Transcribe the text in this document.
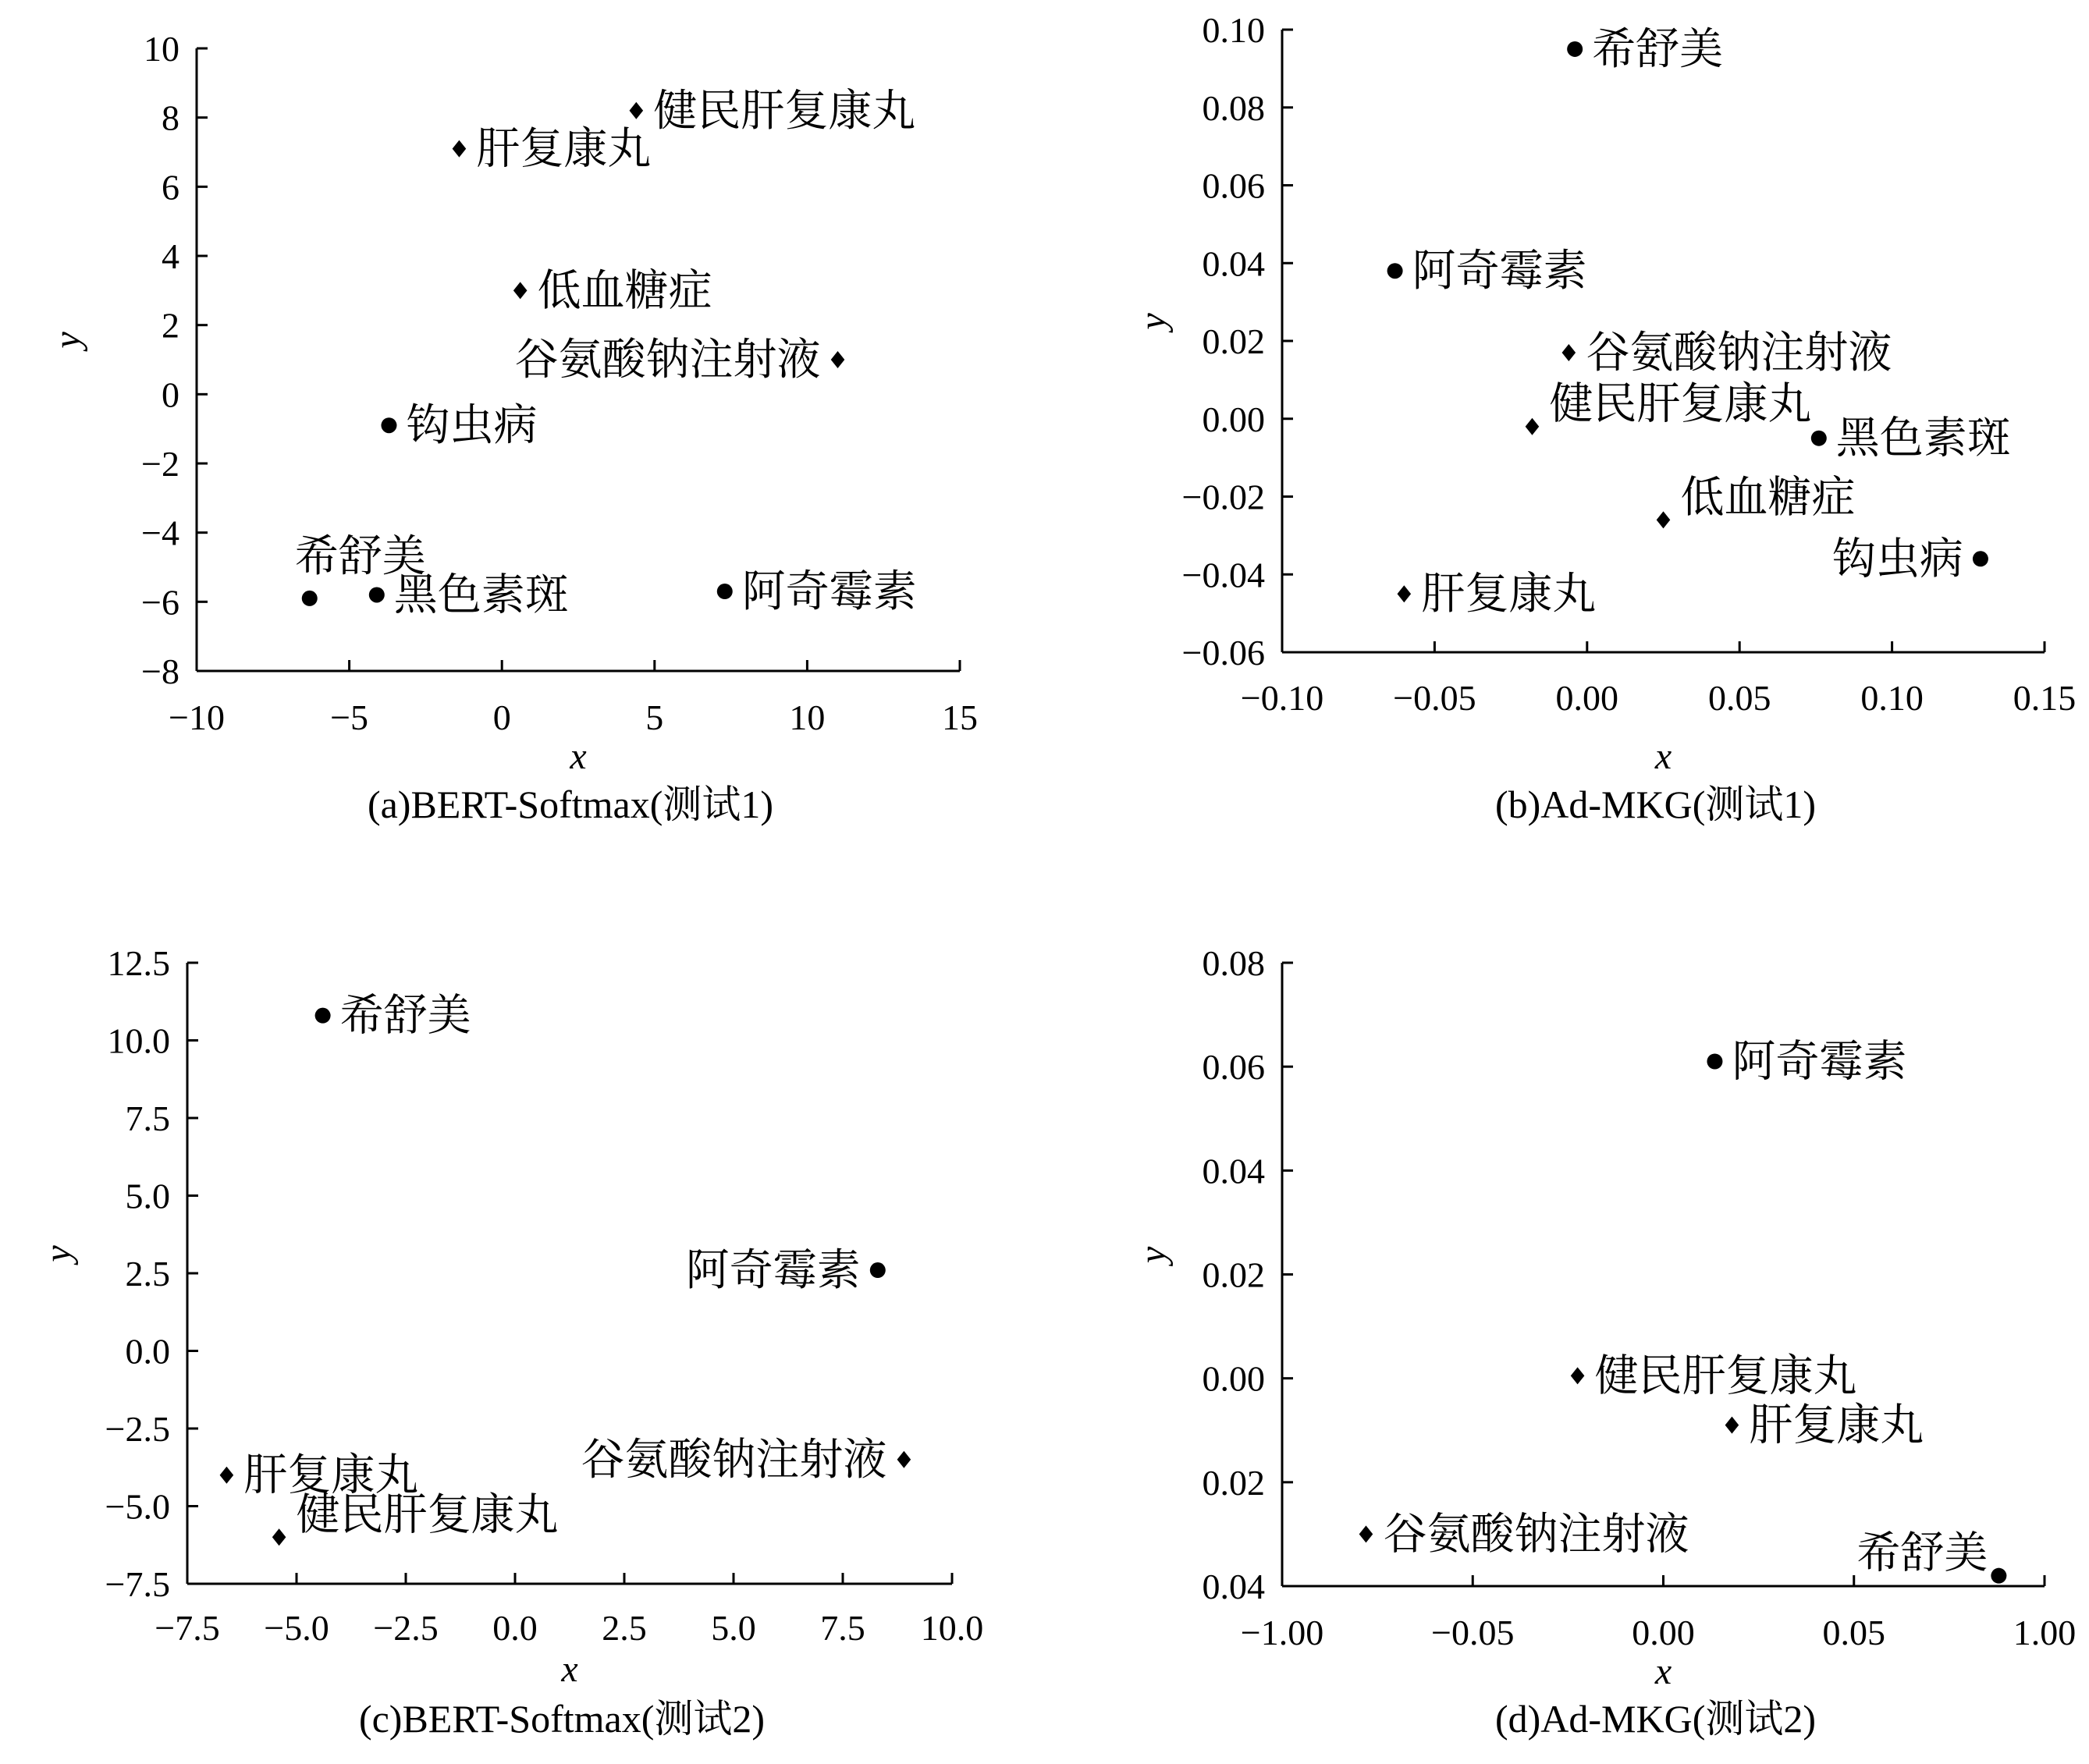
−10	−5	0	5	10	15
−8
−6
−4
−2
0
2
4
6
8
10
x
y
(a)BERT-Softmax(测试1)
健民肝复康丸
肝复康丸
低血糖症
谷氨酸钠注射液
钩虫病
希舒美
黑色素斑	阿奇霉素
−0.10 −0.05 0.00 0.05 0.10 0.15
−0.06
−0.04
−0.02
0.00
0.02
0.04
0.06
0.08
0.10
x
y
(b)Ad-MKG(测试1)
希舒美
阿奇霉素
谷氨酸钠注射液
健民肝复康丸
黑色素斑
低血糖症
钩虫病
肝复康丸
−7.5 −5.0 −2.5 0.0 2.5 5.0 7.5 10.0
−7.5
−5.0
−2.5
0.0
2.5
5.0
7.5
10.0
12.5
x
y
(c)BERT-Softmax(测试2)
希舒美
阿奇霉素
谷氨酸钠注射液
肝复康丸
健民肝复康丸
−1.00	−0.05	0.00	0.05	1.00
0.04
0.02
0.00
0.02
0.04
0.06
0.08
x
y
(d)Ad-MKG(测试2)
阿奇霉素
健民肝复康丸
肝复康丸
谷氨酸钠注射液	希舒美
